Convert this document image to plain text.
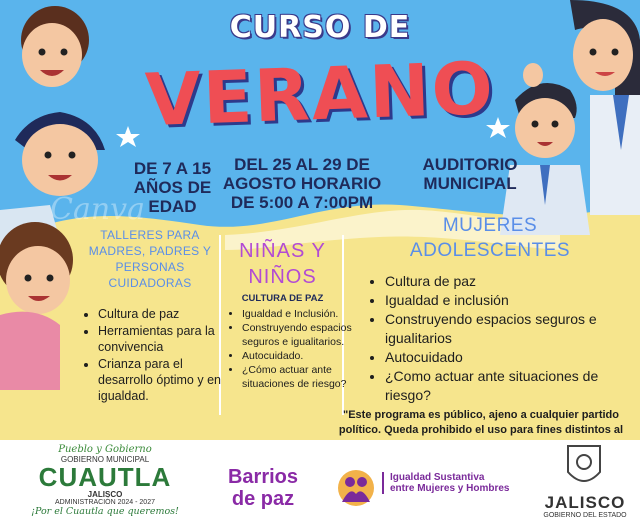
Canva
CURSO DE
VERANO
DE 7 A 15 AÑOS DE EDAD
TALLERES PARA MADRES, PADRES Y PERSONAS CUIDADORAS
• Cultura de paz
• Herramientas para la convivencia
• Crianza para el desarrollo óptimo y en igualdad.
DEL 25 AL 29 DE AGOSTO HORARIO DE 5:00 A 7:00PM
NIÑAS Y NIÑOS
CULTURA DE PAZ
• Igualdad e Inclusión.
• Construyendo espacios seguros e igualitarios.
• Autocuidado.
• ¿Cómo actuar ante situaciones de riesgo?
AUDITORIO MUNICIPAL
MUJERES ADOLESCENTES
• Cultura de paz
• Igualdad e inclusión
• Construyendo espacios seguros e igualitarios
• Autocuidado
• ¿Como actuar ante situaciones de riesgo?
"Este programa es público, ajeno a cualquier partido político. Queda prohibido el uso para fines distintos al
Pueblo y Gobierno
GOBIERNO MUNICIPAL
CUAUTLA
JALISCO
ADMINISTRACIÓN 2024 - 2027
¡Por el Cuautla que queremos!
Barrios
de paz
Igualdad Sustantiva
entre Mujeres y Hombres
JALISCO
GOBIERNO DEL ESTADO
